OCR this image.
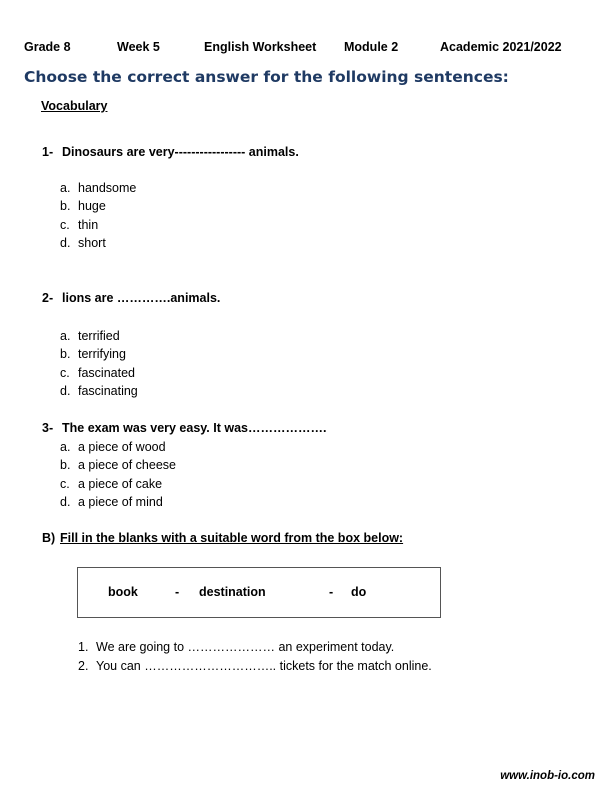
Grade 8	Week 5	English Worksheet Module 2	Academic 2021/2022
Choose the correct answer for the following sentences:
Vocabulary
1- Dinosaurs are very----------------- animals.
a. handsome
b. huge
c. thin
d. short
2- lions are ………….animals.
a. terrified
b. terrifying
c. fascinated
d. fascinating
3- The exam was very easy. It was……………….
a. a piece of wood
b. a piece of cheese
c. a piece of cake
d. a piece of mind
B) Fill in the blanks with a suitable word from the box below:
book	- destination	- do
1. We are going to ………………… an experiment today.
2. You can ………………………….. tickets for the match online.
www.inob-io.com
